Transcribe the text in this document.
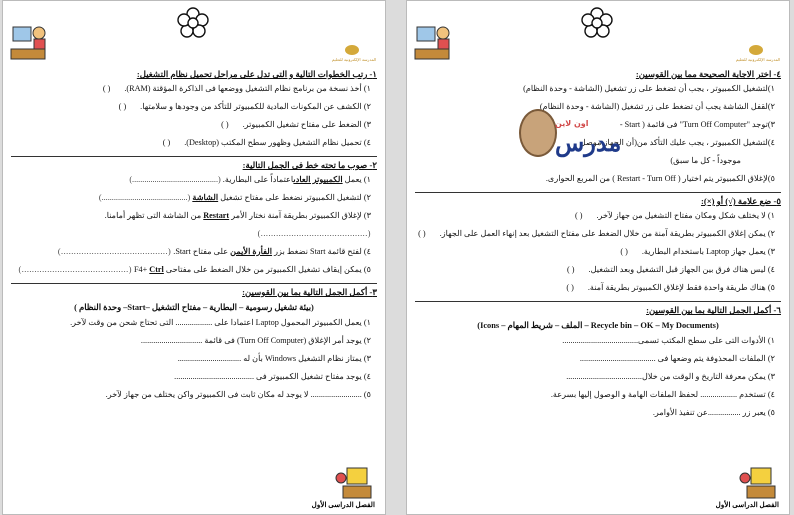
المدرسة الإلكترونية للتعليم
١- رتب الخطوات التالية و التى تدل على مراحل تحميل نظام التشغيل:
١) أخذ نسخة من برنامج نظام التشغيل ووضعها فى الذاكرة المؤقتة (RAM).( )
٢) الكشف عن المكونات المادية للكمبيوتر للتأكد من وجودها و سلامتها.( )
٣) الضغط على مفتاح تشغيل الكمبيوتر.( )
٤) تحميل نظام التشغيل وظهور سطح المكتب (Desktop).( )
٢- صوب ما تحته خط فى الجمل التالية:
١) يعمل الكمبيوتر العادىاعتماداً على البطارية. (..........................................)
٢) لتشغيل الكمبيوتر نضغط على مفتاح تشغيل الشاشة (..........................................)
٣) لإغلاق الكمبيوتر بطريقة آمنة نختار الأمر Restart من الشاشة التى تظهر أمامنا.
(..........................................)
٤) لفتح قائمة Start نضغط بزر الفأرة الأيمن على مفتاح Start. (..........................................)
٥) يمكن إيقاف تشغيل الكمبيوتر من خلال الضغط على مفتاحى F4+ Ctrl (..........................................)
٣- أكمل الجمل التالية بما بين القوسين:
(بيئة تشغيل رسومية – البطارية – مفتاح التشغيل –Start– وحدة النظام )
١) يعمل الكمبيوتر المحمول Laptop اعتمادا على .................. التى تحتاج شحن من وقت لآخر.
٢) يوجد أمر الإغلاق (Turn Off Computer) فى قائمة ..............................
٣) يمتاز نظام التشغيل Windows بأن له ...............................
٤) يوجد مفتاح تشغيل الكمبيوتر فى .......................................
٥) ......................... لا يوجد له مكان ثابت فى الكمبيوتر واكن يختلف من جهاز لآخر.
الفصل الدراسى الأول
المدرسة الإلكترونية للتعليم
٤- اختر الاجابة الصحيحة مما بين القوسين:
١)لتشغيل الكمبيوتر ، يجب أن تضغط على زر تشغيل (الشاشة - وحدة النظام)
٢)لقفل الشاشة يجب أن تضغط على زر تشغيل (الشاشة - وحدة النظام)
٣)توجد "Turn Off Computer" فى قائمة ( Start -
٤)لتشغيل الكمبيوتر ، يجب عليك التأكد من(أن الجهاز موصل
موجوداً - كل ما سبق)
٥)لإغلاق الكمبيوتر يتم اختيار ( Restart - Turn Off ) من المربع الحوارى.
٥- ضع علامة (√) أو (×):
١) لا يختلف شكل ومكان مفتاح التشغيل من جهاز لآخر.( )
٢) يمكن إغلاق الكمبيوتر بطريقة آمنة من خلال الضغط على مفتاح التشغيل بعد إنهاء العمل على الجهاز.( )
٣) يعمل جهاز Laptop باستخدام البطارية.( )
٤) ليس هناك فرق بين الجهاز قبل التشغيل وبعد التشغيل.( )
٥) هناك طريقة واحدة فقط لإغلاق الكمبيوتر بطريقة آمنة.( )
٦- أكمل الجمل التالية بما بين القوسين:
(Recycle bin – OK – My Documents – الملف – شريط المهام – Icons)
١) الأدوات التى على سطح المكتب تسمى.....................................
٢) الملفات المحذوفة يتم وضعها فى .....................................
٣) يمكن معرفة التاريخ و الوقت من خلال.....................................
٤) تستخدم .................. لحفظ الملفات الهامة و الوصول إليها بسرعة.
٥) يعبر زر ................عن تنفيذ الأوامر.
اون لاين
مدرس
الفصل الدراسى الأول
